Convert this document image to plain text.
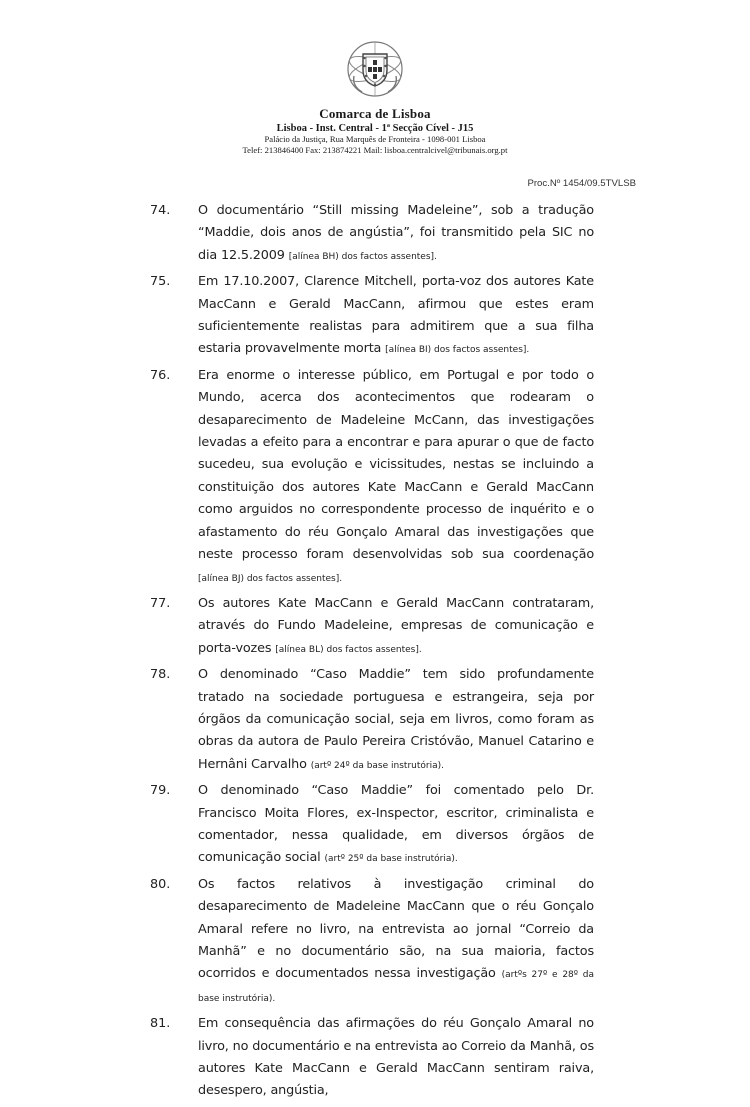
Comarca de Lisboa
Lisboa - Inst. Central - 1ª Secção Cível - J15
Palácio da Justiça, Rua Marquês de Fronteira - 1098-001 Lisboa
Telef: 213846400 Fax: 213874221 Mail: lisboa.centralcivel@tribunais.org.pt
Proc.Nº 1454/09.5TVLSB
74.	O documentário “Still missing Madeleine”, sob a tradução “Maddie, dois anos de angústia”, foi transmitido pela SIC no dia 12.5.2009 [alínea BH) dos factos assentes].
75.	Em 17.10.2007, Clarence Mitchell, porta-voz dos autores Kate MacCann e Gerald MacCann, afirmou que estes eram suficientemente realistas para admitirem que a sua filha estaria provavelmente morta [alínea BI) dos factos assentes].
76.	Era enorme o interesse público, em Portugal e por todo o Mundo, acerca dos acontecimentos que rodearam o desaparecimento de Madeleine McCann, das investigações levadas a efeito para a encontrar e para apurar o que de facto sucedeu, sua evolução e vicissitudes, nestas se incluindo a constituição dos autores Kate MacCann e Gerald MacCann como arguidos no correspondente processo de inquérito e o afastamento do réu Gonçalo Amaral das investigações que neste processo foram desenvolvidas sob sua coordenação [alínea BJ) dos factos assentes].
77.	Os autores Kate MacCann e Gerald MacCann contrataram, através do Fundo Madeleine, empresas de comunicação e porta-vozes [alínea BL) dos factos assentes].
78.	O denominado “Caso Maddie” tem sido profundamente tratado na sociedade portuguesa e estrangeira, seja por órgãos da comunicação social, seja em livros, como foram as obras da autora de Paulo Pereira Cristóvão, Manuel Catarino e Hernâni Carvalho (artº 24º da base instrutória).
79.	O denominado “Caso Maddie” foi comentado pelo Dr. Francisco Moita Flores, ex-Inspector, escritor, criminalista e comentador, nessa qualidade, em diversos órgãos de comunicação social (artº 25º da base instrutória).
80.	Os factos relativos à investigação criminal do desaparecimento de Madeleine MacCann que o réu Gonçalo Amaral refere no livro, na entrevista ao jornal “Correio da Manhã” e no documentário são, na sua maioria, factos ocorridos e documentados nessa investigação (artºs 27º e 28º da base instrutória).
81.	Em consequência das afirmações do réu Gonçalo Amaral no livro, no documentário e na entrevista ao Correio da Manhã, os autores Kate MacCann e Gerald MacCann sentiram raiva, desespero, angústia,
